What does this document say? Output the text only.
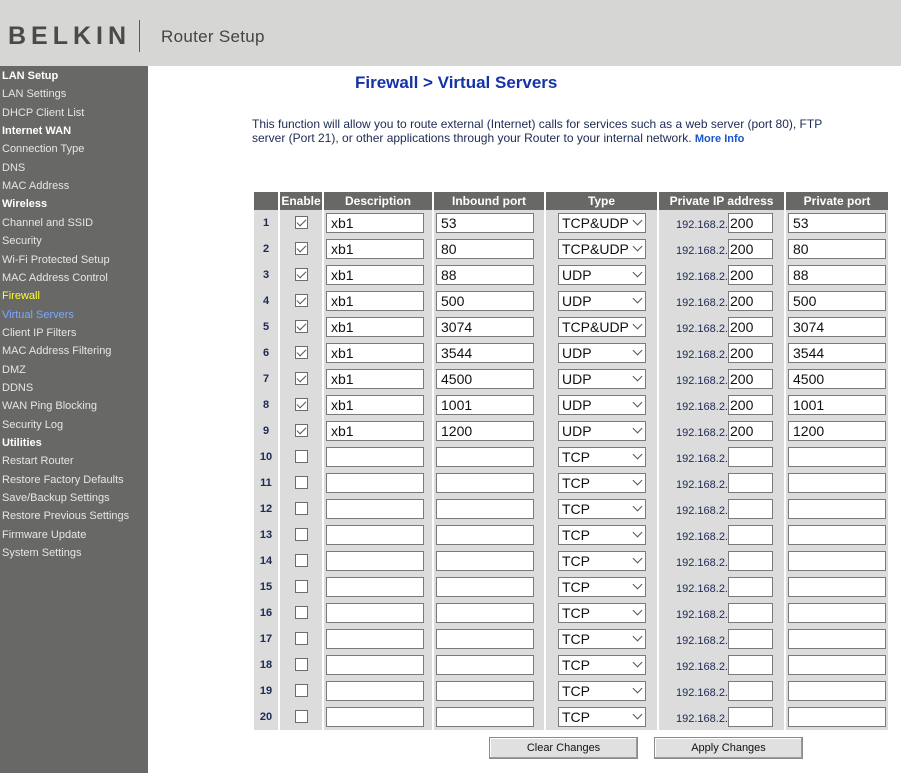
BELKIN Router Setup
LAN Setup
LAN Settings
DHCP Client List
Internet WAN
Connection Type
DNS
MAC Address
Wireless
Channel and SSID
Security
Wi-Fi Protected Setup
MAC Address Control
Firewall
Virtual Servers
Client IP Filters
MAC Address Filtering
DMZ
DDNS
WAN Ping Blocking
Security Log
Utilities
Restart Router
Restore Factory Defaults
Save/Backup Settings
Restore Previous Settings
Firmware Update
System Settings
Firewall > Virtual Servers
This function will allow you to route external (Internet) calls for services such as a web server (port 80), FTP server (Port 21), or other applications through your Router to your internal network. More Info
	Enable	Description	Inbound port	Type	Private IP address	Private port
1		xb1	53	TCP&UDP	192.168.2. 200	53

2		xb1	80	TCP&UDP	192.168.2. 200	80

3		xb1	88	UDP	192.168.2. 200	88

4		xb1	500	UDP	192.168.2. 200	500

5		xb1	3074	TCP&UDP	192.168.2. 200	3074

6		xb1	3544	UDP	192.168.2. 200	3544

7		xb1	4500	UDP	192.168.2. 200	4500

8		xb1	1001	UDP	192.168.2. 200	1001

9		xb1	1200	UDP	192.168.2. 200	1200

10				TCP	192.168.2.	

11				TCP	192.168.2.	

12				TCP	192.168.2.	

13				TCP	192.168.2.	

14				TCP	192.168.2.	

15				TCP	192.168.2.	

16				TCP	192.168.2.	

17				TCP	192.168.2.	

18				TCP	192.168.2.	

19				TCP	192.168.2.	

20				TCP	192.168.2.	

Clear Changes	Apply Changes
